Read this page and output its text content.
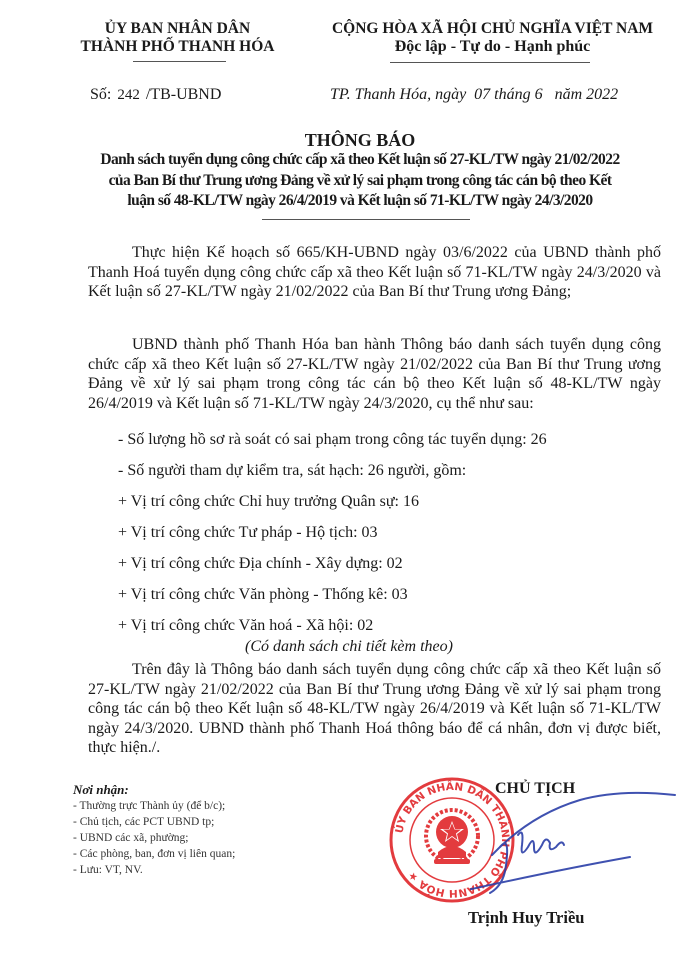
ỦY BAN NHÂN DÂN
THÀNH PHỐ THANH HÓA
CỘNG HÒA XÃ HỘI CHỦ NGHĨA VIỆT NAM
Độc lập - Tự do - Hạnh phúc
Số: 242 /TB-UBND	TP. Thanh Hóa, ngày  07 tháng 6   năm 2022
THÔNG BÁO
Danh sách tuyển dụng công chức cấp xã theo Kết luận số 27-KL/TW ngày 21/02/2022
của Ban Bí thư Trung ương Đảng về xử lý sai phạm trong công tác cán bộ theo Kết
luận số 48-KL/TW ngày 26/4/2019 và Kết luận số 71-KL/TW ngày 24/3/2020
Thực hiện Kế hoạch số 665/KH-UBND ngày 03/6/2022 của UBND thành phố Thanh Hoá tuyển dụng công chức cấp xã theo Kết luận số 71-KL/TW ngày 24/3/2020 và Kết luận số 27-KL/TW ngày 21/02/2022 của Ban Bí thư Trung ương Đảng;
UBND thành phố Thanh Hóa ban hành Thông báo danh sách tuyển dụng công chức cấp xã theo Kết luận số 27-KL/TW ngày 21/02/2022 của Ban Bí thư Trung ương Đảng về xử lý sai phạm trong công tác cán bộ theo Kết luận số 48-KL/TW ngày 26/4/2019 và Kết luận số 71-KL/TW ngày 24/3/2020, cụ thể như sau:
- Số lượng hồ sơ rà soát có sai phạm trong công tác tuyển dụng: 26
- Số người tham dự kiểm tra, sát hạch: 26 người, gồm:
+ Vị trí công chức Chỉ huy trưởng Quân sự: 16
+ Vị trí công chức Tư pháp - Hộ tịch: 03
+ Vị trí công chức Địa chính - Xây dựng: 02
+ Vị trí công chức Văn phòng - Thống kê: 03
+ Vị trí công chức Văn hoá - Xã hội: 02
(Có danh sách chi tiết kèm theo)
Trên đây là Thông báo danh sách tuyển dụng công chức cấp xã theo Kết luận số 27-KL/TW ngày 21/02/2022 của Ban Bí thư Trung ương Đảng về xử lý sai phạm trong công tác cán bộ theo Kết luận số 48-KL/TW ngày 26/4/2019 và Kết luận số 71-KL/TW ngày 24/3/2020. UBND thành phố Thanh Hoá thông báo để cá nhân, đơn vị được biết, thực hiện./.
Nơi nhận:
- Thường trực Thành ủy (để b/c);
- Chủ tịch, các PCT UBND tp;
- UBND các xã, phường;
- Các phòng, ban, đơn vị liên quan;
- Lưu: VT, NV.
CHỦ TỊCH
ỦY BAN NHÂN DÂN THÀNH PHỐ THANH HÓA ★
Trịnh Huy Triều
